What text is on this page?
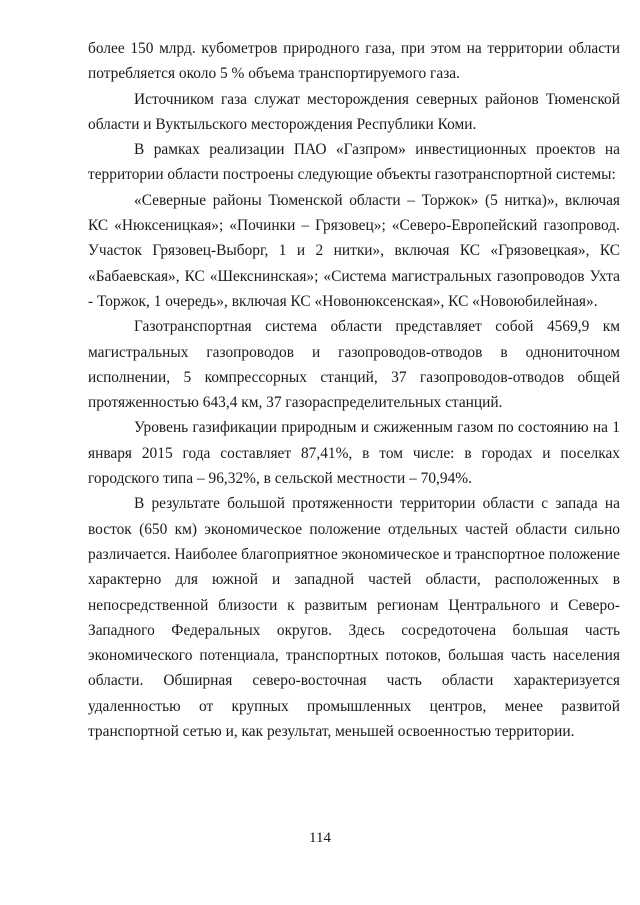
более 150 млрд. кубометров природного газа, при этом на территории области потребляется около 5 % объема транспортируемого газа.

Источником газа служат месторождения северных районов Тюменской области и Вуктыльского месторождения Республики Коми.

В рамках реализации ПАО «Газпром» инвестиционных проектов на территории области построены следующие объекты газотранспортной системы:

«Северные районы Тюменской области – Торжок» (5 нитка)», включая КС «Нюксеницкая»; «Починки – Грязовец»; «Северо-Европейский газопровод. Участок Грязовец-Выборг, 1 и 2 нитки», включая КС «Грязовецкая», КС «Бабаевская», КС «Шекснинская»; «Система магистральных газопроводов Ухта - Торжок, 1 очередь», включая КС «Новонюксенская», КС «Новоюбилейная».

Газотранспортная система области представляет собой 4569,9 км магистральных газопроводов и газопроводов-отводов в однониточном исполнении, 5 компрессорных станций, 37 газопроводов-отводов общей протяженностью 643,4 км, 37 газораспределительных станций.

Уровень газификации природным и сжиженным газом по состоянию на 1 января 2015 года составляет 87,41%, в том числе: в городах и поселках городского типа – 96,32%, в сельской местности – 70,94%.

В результате большой протяженности территории области с запада на восток (650 км) экономическое положение отдельных частей области сильно различается. Наиболее благоприятное экономическое и транспортное положение характерно для южной и западной частей области, расположенных в непосредственной близости к развитым регионам Центрального и Северо-Западного Федеральных округов. Здесь сосредоточена большая часть экономического потенциала, транспортных потоков, большая часть населения области. Обширная северо-восточная часть области характеризуется удаленностью от крупных промышленных центров, менее развитой транспортной сетью и, как результат, меньшей освоенностью территории.

114
